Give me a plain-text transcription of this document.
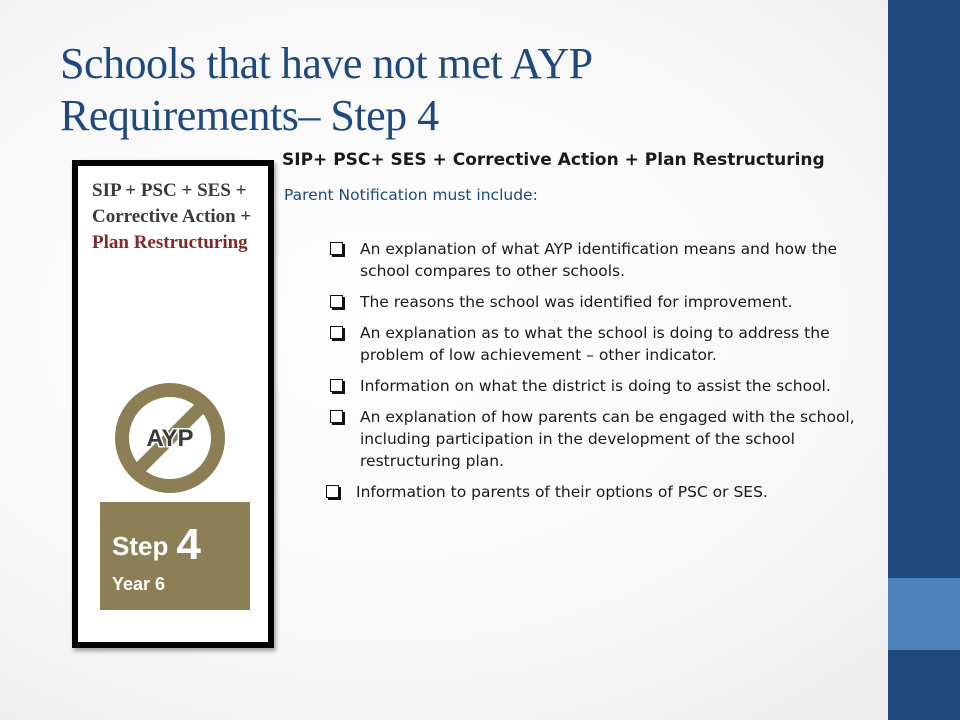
Schools that have not met AYP
Requirements– Step 4
SIP + PSC + SES + Corrective Action + Plan Restructuring
AYP
Step 4
Year 6

SIP+ PSC+ SES + Corrective Action + Plan Restructuring

Parent Notification must include:

An explanation of what AYP identification means and how the school compares to other schools.
The reasons the school was identified for improvement.
An explanation as to what the school is doing to address the problem of low achievement – other indicator.
Information on what the district is doing to assist the school.
An explanation of how parents can be engaged with the school, including participation in the development of the school restructuring plan.
Information to parents of their options of PSC or SES.
